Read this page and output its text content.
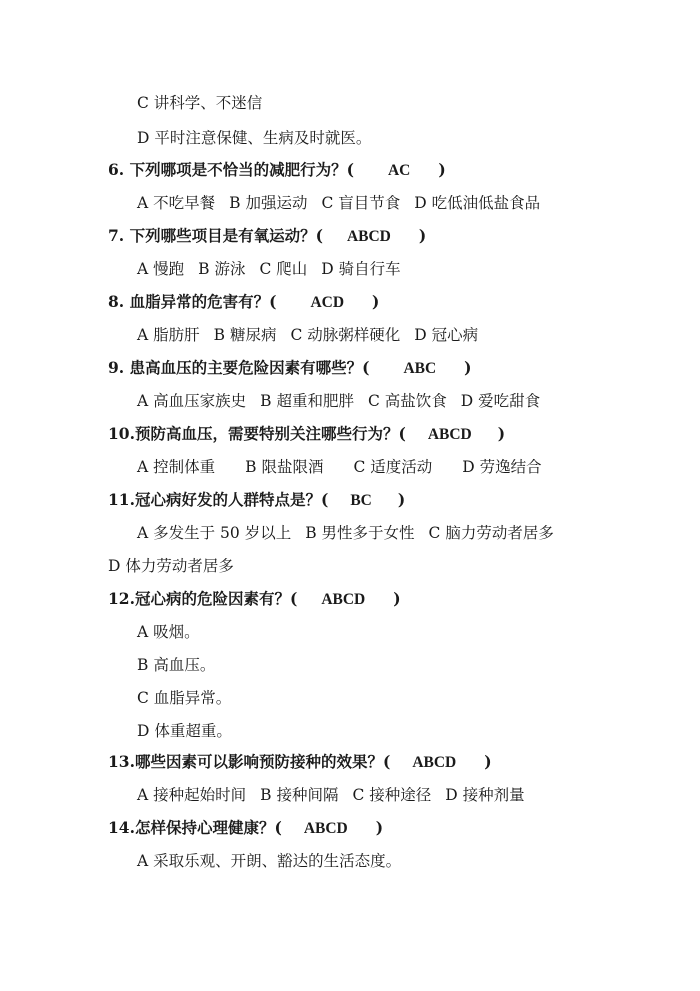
C 讲科学、不迷信
D 平时注意保健、生病及时就医。
6. 下列哪项是不恰当的减肥行为？( AC )
A 不吃早餐 B 加强运动 C 盲目节食 D 吃低油低盐食品
7. 下列哪些项目是有氧运动？( ABCD )
A 慢跑 B 游泳 C 爬山 D 骑自行车
8. 血脂异常的危害有？( ACD )
A 脂肪肝 B 糖尿病 C 动脉粥样硬化 D 冠心病
9. 患高血压的主要危险因素有哪些？( ABC )
A 高血压家族史 B 超重和肥胖 C 高盐饮食 D 爱吃甜食
10.预防高血压，需要特别关注哪些行为？( ABCD )
A 控制体重 B 限盐限酒 C 适度活动 D 劳逸结合
11.冠心病好发的人群特点是？( BC )
A 多发生于 50 岁以上 B 男性多于女性 C 脑力劳动者居多
D 体力劳动者居多
12.冠心病的危险因素有？( ABCD )
A 吸烟。
B 高血压。
C 血脂异常。
D 体重超重。
13.哪些因素可以影响预防接种的效果？( ABCD )
A 接种起始时间 B 接种间隔 C 接种途径 D 接种剂量
14.怎样保持心理健康？( ABCD )
A 采取乐观、开朗、豁达的生活态度。
